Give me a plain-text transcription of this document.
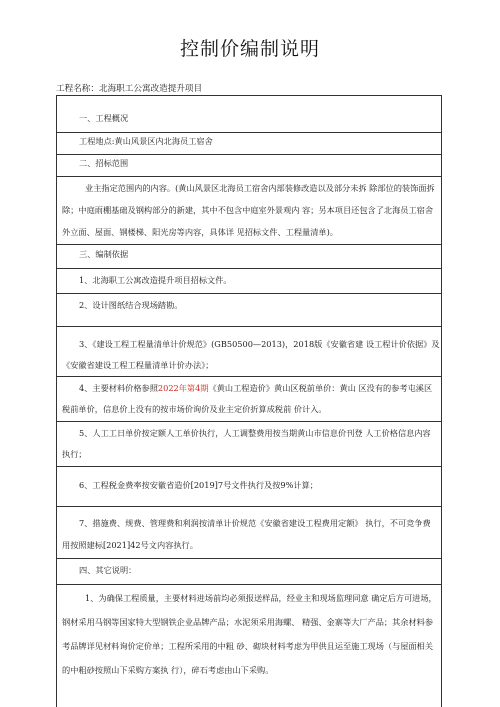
控制价编制说明
工程名称：北海职工公寓改造提升项目

一、工程概况

工程地点:黄山风景区内北海员工宿舍

二、招标范围

业主指定范围内的内容。(黄山风景区北海员工宿舍内部装修改造以及部分未拆 除部位的装饰面拆

除；中庭雨棚基础及钢构部分的新建，其中不包含中庭室外景观内 容；另本项目还包含了北海员工宿舍

外立面、屋面、钢楼梯、阳光房等内容，具体详 见招标文件、工程量清单)。

三、编制依据

1、北海职工公寓改造提升项目招标文件。

2、设计图纸结合现场踏勘。

3、《建设工程工程量清单计价规范》(GB50500—2013)，2018版《安徽省建 设工程计价依据》及

《安徽省建设工程工程量清单计价办法》；

4、主要材料价格参照2022年第4期《黄山工程造价》黄山区税前单价：黄山 区没有的参考屯溪区

税前单价，信息价上没有的按市场价询价及业主定价折算成税前 价计入。

5、人工工日单价按定额人工单价执行，人工调整费用按当期黄山市信息价刊登 人工价格信息内容

执行；

6、工程税金费率按安徽省造价[2019]7号文件执行及按9%计算；

7、措施费、规费、管理费和利润按清单计价规范《安徽省建设工程费用定额》 执行，不可竞争费

用按照建标[2021]42号文内容执行。

四、其它说明：

1、为确保工程质量，主要材料进场前均必须报送样品，经业主和现场监理同意 确定后方可进场，

钢材采用马钢等国家特大型钢铁企业品牌产品；水泥须采用海螺、 精强、金寨等大厂产品；其余材料参

考品牌详见材料询价定价单；工程所采用的中粗 砂、砌块材料考虑为甲供且运至施工现场（与屋面相关

的中粗砂按照山下采购方案执 行），碎石考虑由山下采购。
